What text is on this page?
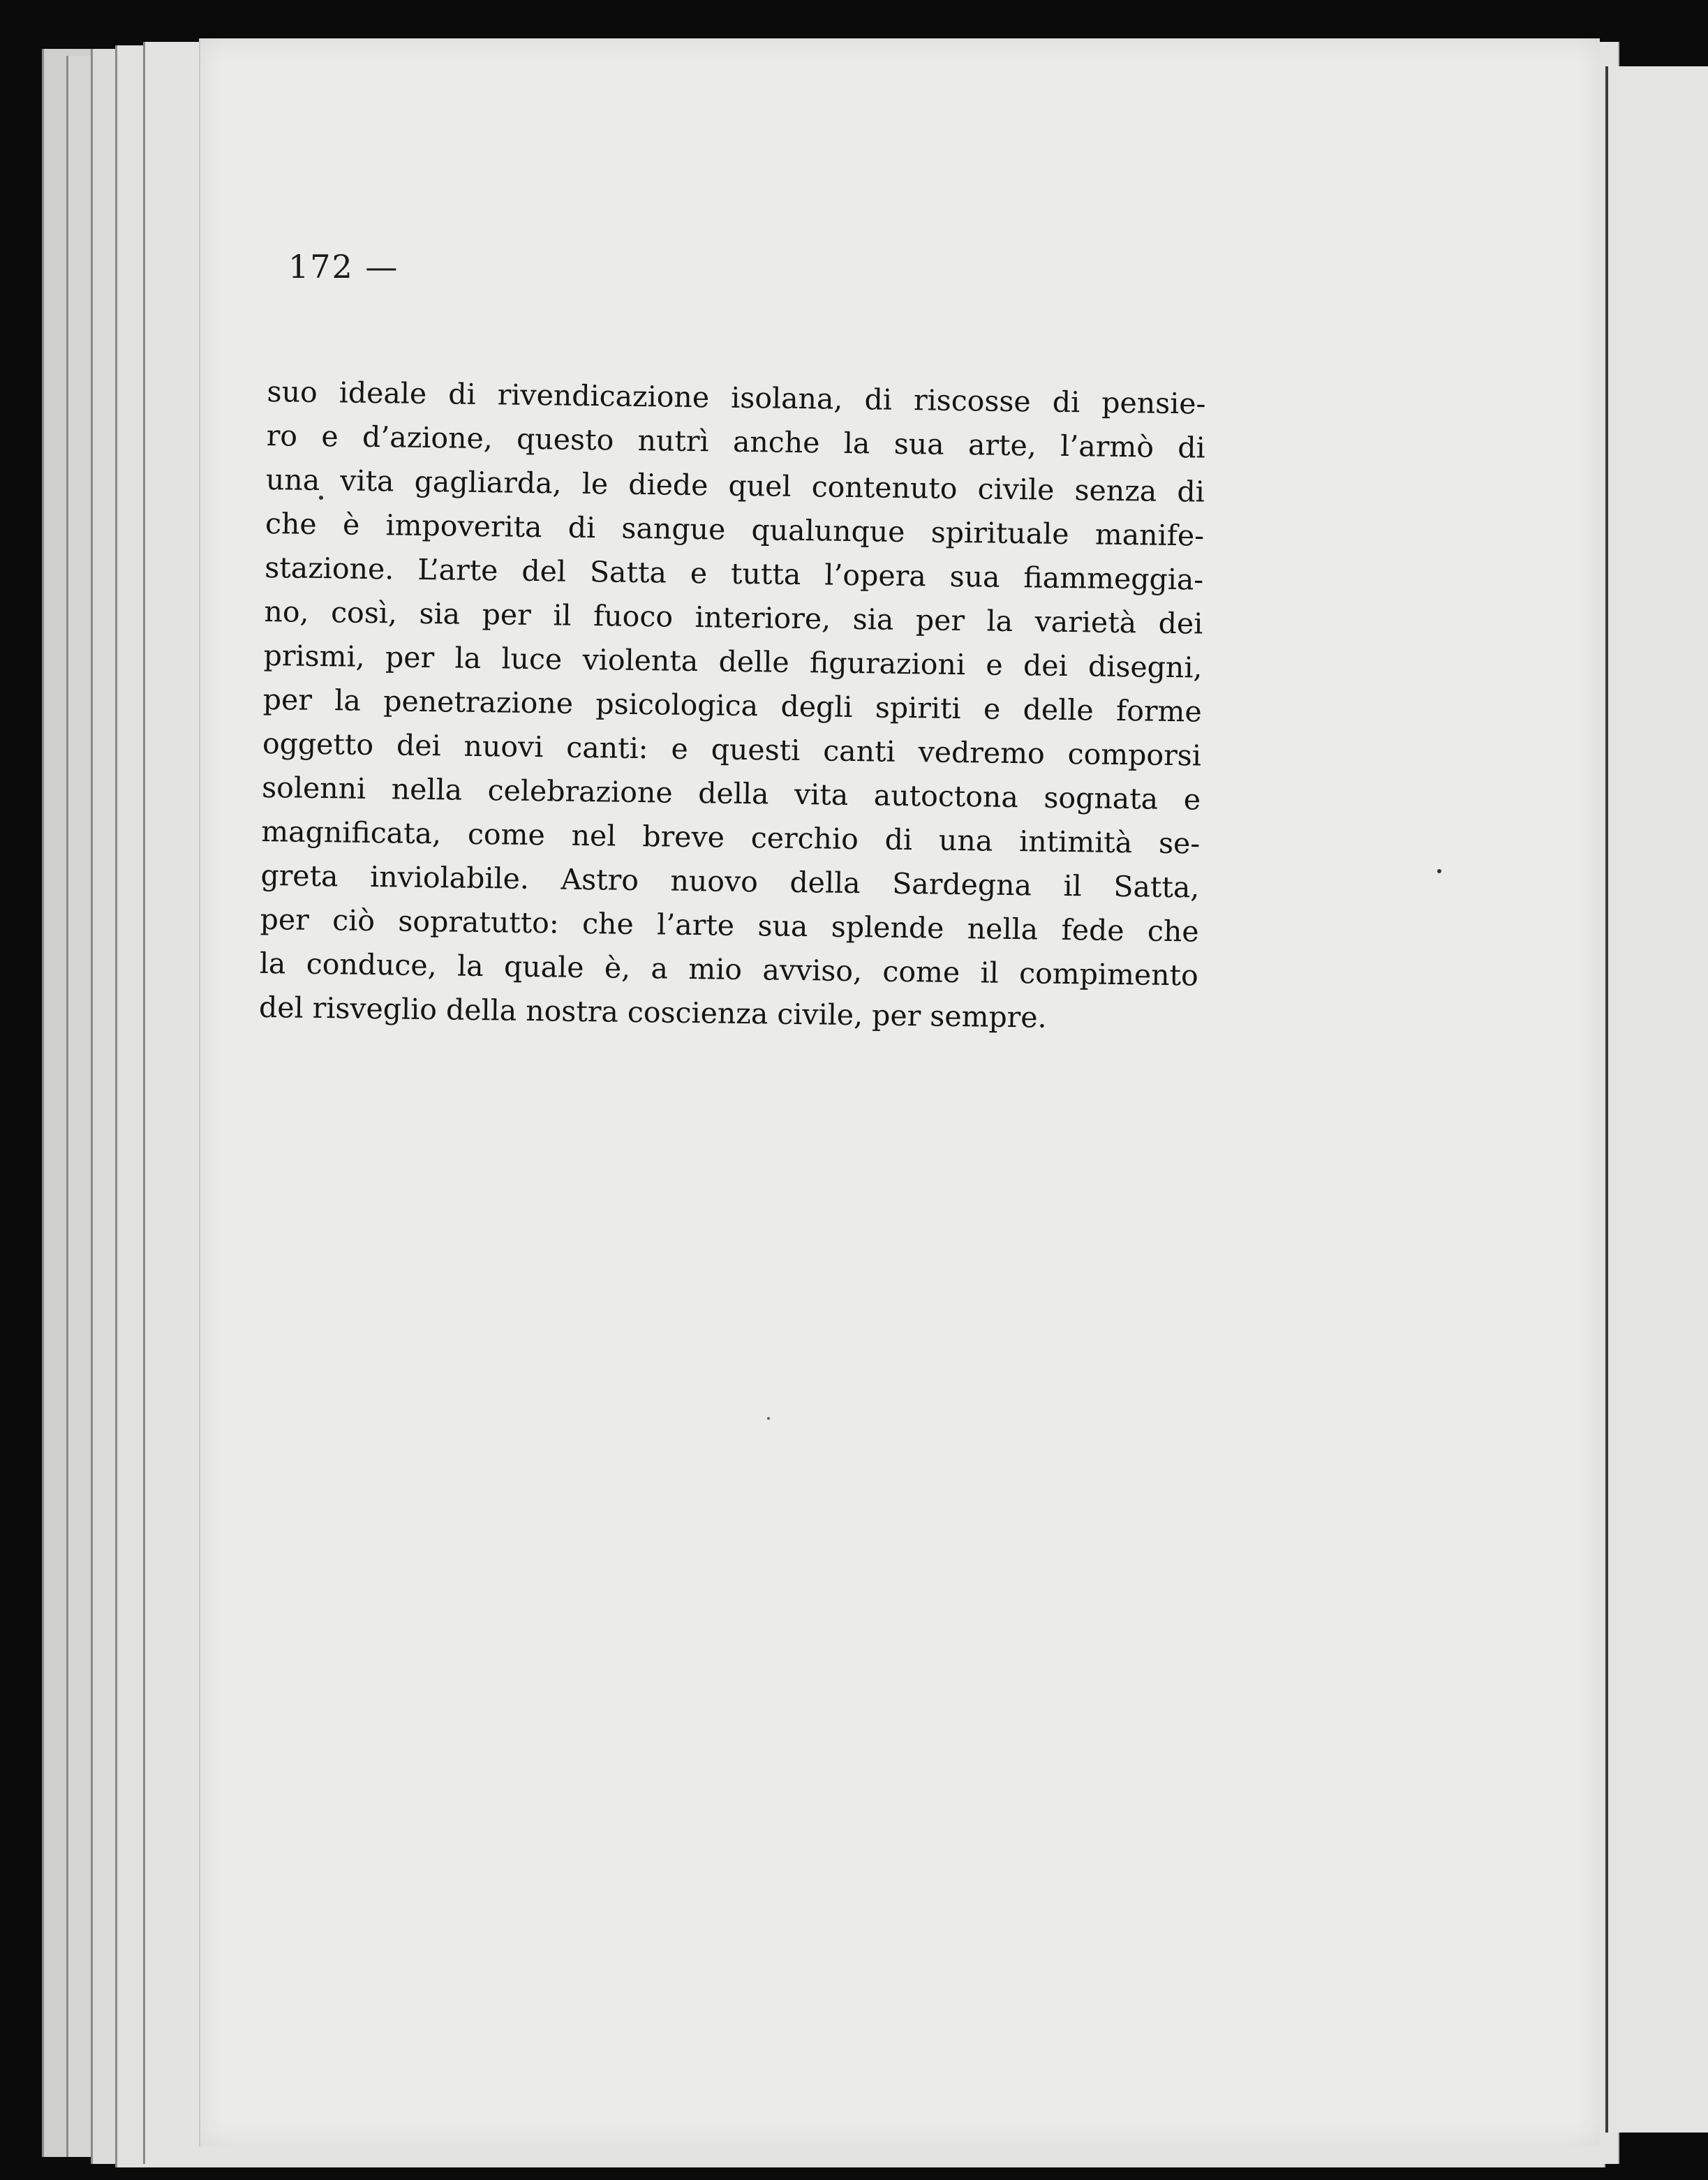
172 —
suo ideale di rivendicazione isolana, di riscosse di pensie-
ro e d’azione, questo nutrì anche la sua arte, l’armò di
una vita gagliarda, le diede quel contenuto civile senza di
che è impoverita di sangue qualunque spirituale manife-
stazione. L’arte del Satta e tutta l’opera sua fiammeggia-
no, così, sia per il fuoco interiore, sia per la varietà dei
prismi, per la luce violenta delle figurazioni e dei disegni,
per la penetrazione psicologica degli spiriti e delle forme
oggetto dei nuovi canti: e questi canti vedremo comporsi
solenni nella celebrazione della vita autoctona sognata e
magnificata, come nel breve cerchio di una intimità se-
greta inviolabile. Astro nuovo della Sardegna il Satta,
per ciò sopratutto: che l’arte sua splende nella fede che
la conduce, la quale è, a mio avviso, come il compimento
del risveglio della nostra coscienza civile, per sempre.
